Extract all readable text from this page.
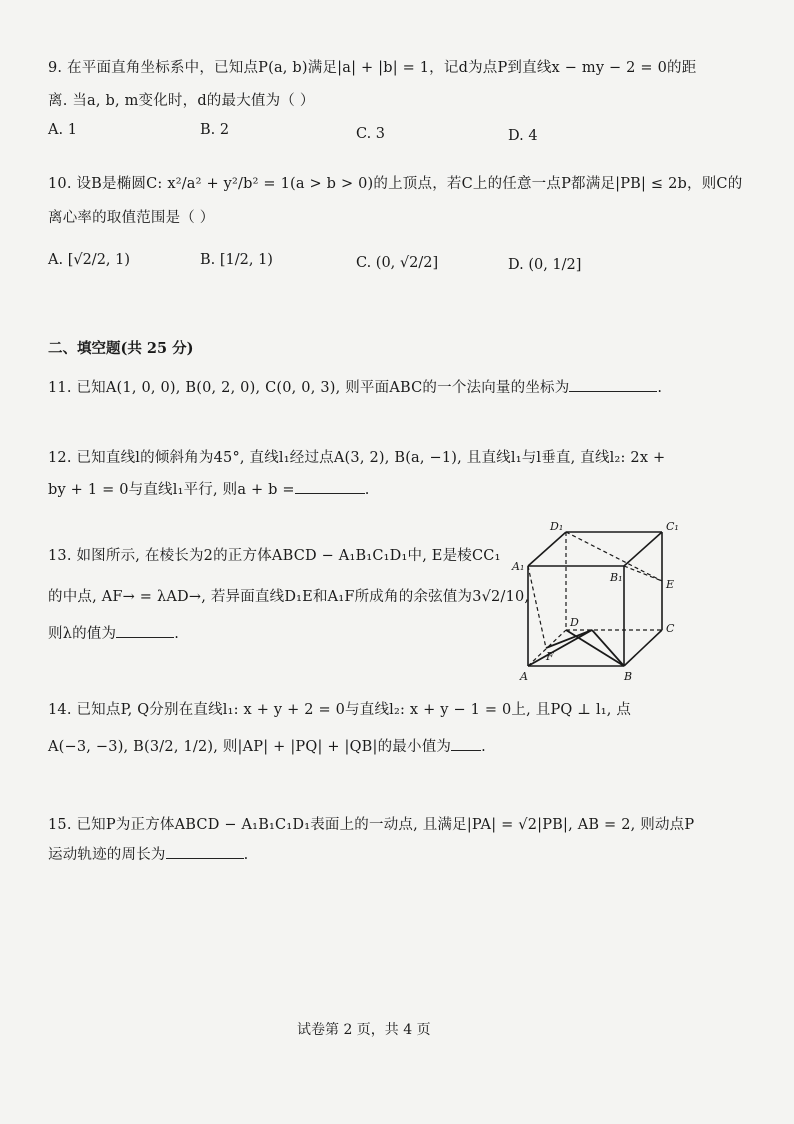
9. 在平面直角坐标系中，已知点P(a, b)满足|a| + |b| = 1，记d为点P到直线x − my − 2 = 0的距
离. 当a, b, m变化时，d的最大值为（ ）
A. 1	B. 2	C. 3	D. 4
10. 设B是椭圆C: x²/a² + y²/b² = 1(a > b > 0)的上顶点，若C上的任意一点P都满足|PB| ≤ 2b，则C的
离心率的取值范围是（ ）
A. [√2/2, 1)	B. [1/2, 1)	C. (0, √2/2]	D. (0, 1/2]
二、填空题(共 25 分)
11. 已知A(1, 0, 0), B(0, 2, 0), C(0, 0, 3), 则平面ABC的一个法向量的坐标为	.
12. 已知直线l的倾斜角为45°, 直线l₁经过点A(3, 2), B(a, −1), 且直线l₁与l垂直, 直线l₂: 2x +
by + 1 = 0与直线l₁平行, 则a + b =	.
13. 如图所示, 在棱长为2的正方体ABCD − A₁B₁C₁D₁中, E是棱CC₁
的中点, AF→ = λAD→, 若异面直线D₁E和A₁F所成角的余弦值为3√2/10,
则λ的值为	.
D₁	C₁
A₁
B₁
E
D	C
A	B
F
14. 已知点P, Q分别在直线l₁: x + y + 2 = 0与直线l₂: x + y − 1 = 0上, 且PQ ⊥ l₁, 点
A(−3, −3), B(3/2, 1/2), 则|AP| + |PQ| + |QB|的最小值为 .
15. 已知P为正方体ABCD − A₁B₁C₁D₁表面上的一动点, 且满足|PA| = √2|PB|, AB = 2, 则动点P
运动轨迹的周长为	.
试卷第 2 页，共 4 页
